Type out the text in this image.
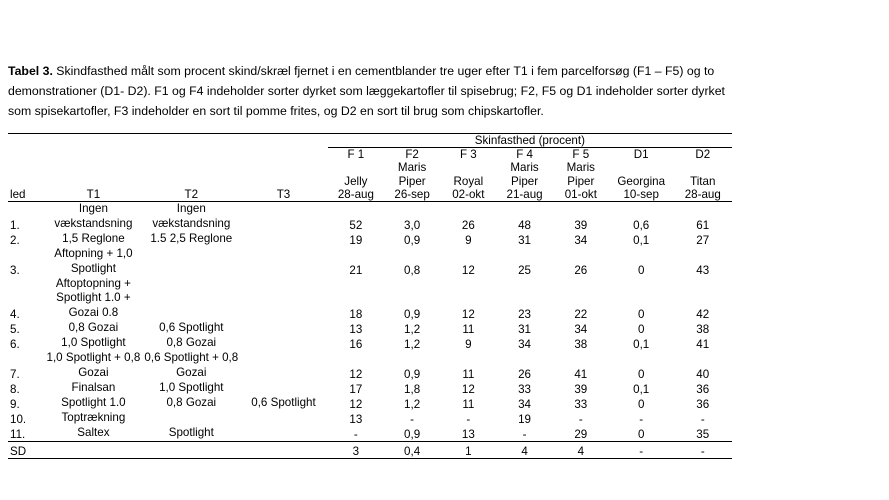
Tabel 3. Skindfasthed målt som procent skind/skræl fjernet i en cementblander tre uger efter T1 i fem parcelforsøg (F1 – F5) og to demonstrationer (D1- D2). F1 og F4 indeholder sorter dyrket som læggekartofler til spisebrug; F2, F5 og D1 indeholder sorter dyrket som spisekartofler, F3 indeholder en sort til pomme frites, og D2 en sort til brug som chipskartofler.
				Skinfasthed (procent)						
led	T1	T2	T3	F 1	F2	F 3	F 4	F 5	D1	D2
				Jelly	Maris Piper	Royal	Maris Piper	Maris Piper	Georgina	Titan
				28-aug	26-sep	02-okt	21-aug	01-okt	10-sep	28-aug
1.	Ingen vækstandsning	Ingen vækstandsning		52	3,0	26	48	39	0,6	61
2.	1,5 Reglone	1.5 2,5 Reglone		19	0,9	9	31	34	0,1	27
3.	Aftopning + 1,0 Spotlight			21	0,8	12	25	26	0	43
4.	Aftoptopning + Spotlight 1.0 + Gozai 0.8			18	0,9	12	23	22	0	42
5.	0,8 Gozai	0,6 Spotlight		13	1,2	11	31	34	0	38
6.	1,0 Spotlight	0,8 Gozai		16	1,2	9	34	38	0,1	41
7.	1,0 Spotlight + 0,8 Gozai	0,6 Spotlight + 0,8 Gozai		12	0,9	11	26	41	0	40
8.	Finalsan	1,0 Spotlight		17	1,8	12	33	39	0,1	36
9.	Spotlight 1.0	0,8 Gozai	0,6 Spotlight	12	1,2	11	34	33	0	36
10.	Toptrækning			13	-	-	19	-	-	-
11.	Saltex	Spotlight		-	0,9	13	-	29	0	35
SD				3	0,4	1	4	4	-	-
